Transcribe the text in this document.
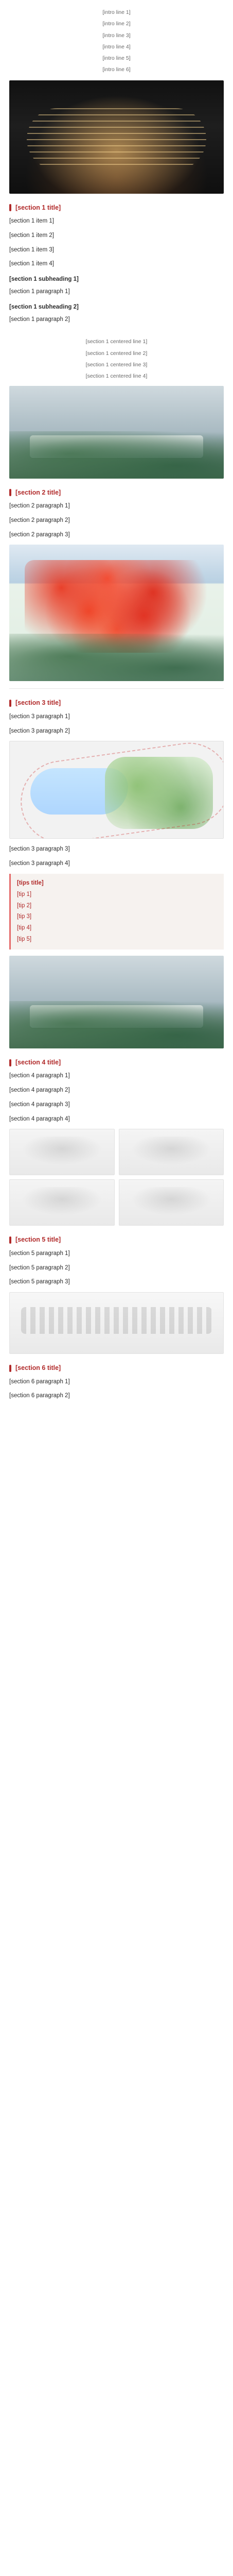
[intro line 1]
[intro line 2]
[intro line 3]
[intro line 4]
[intro line 5]
[intro line 6]
[section 1 title]
[section 1 item 1]
[section 1 item 2]
[section 1 item 3]
[section 1 item 4]
[section 1 subheading 1]
[section 1 paragraph 1]
[section 1 subheading 2]
[section 1 paragraph 2]
[section 1 centered line 1]
[section 1 centered line 2]
[section 1 centered line 3]
[section 1 centered line 4]
[section 2 title]
[section 2 paragraph 1]
[section 2 paragraph 2]
[section 2 paragraph 3]
[section 3 title]
[section 3 paragraph 1]
[section 3 paragraph 2]
[section 3 paragraph 3]
[section 3 paragraph 4]
[tips title]
[tip 1]
[tip 2]
[tip 3]
[tip 4]
[tip 5]
[section 4 title]
[section 4 paragraph 1]
[section 4 paragraph 2]
[section 4 paragraph 3]
[section 4 paragraph 4]
[section 5 title]
[section 5 paragraph 1]
[section 5 paragraph 2]
[section 5 paragraph 3]
[section 6 title]
[section 6 paragraph 1]
[section 6 paragraph 2]
